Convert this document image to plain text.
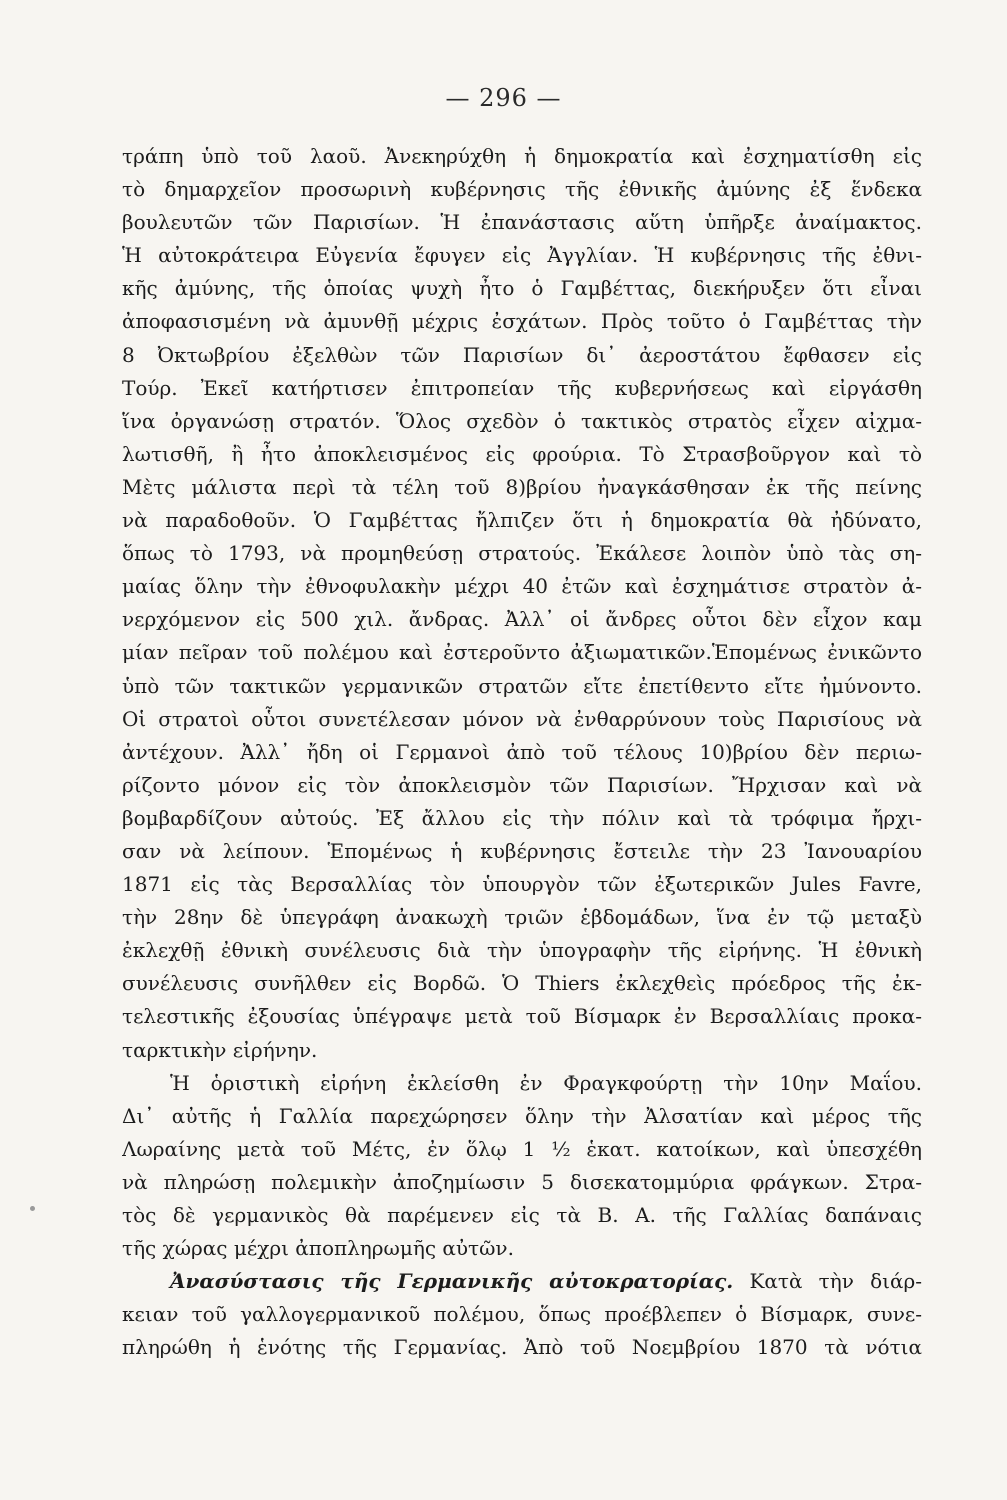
— 296 —
τράπη ὑπὸ τοῦ λαοῦ. Ἀνεκηρύχθη ἡ δημοκρατία καὶ ἐσχηματίσθη εἰς
τὸ δημαρχεῖον προσωρινὴ κυβέρνησις τῆς ἐθνικῆς ἀμύνης ἐξ ἕνδεκα
βουλευτῶν τῶν Παρισίων. Ἡ ἐπανάστασις αὕτη ὑπῆρξε ἀναίμακτος.
Ἡ αὐτοκράτειρα Εὐγενία ἔφυγεν εἰς Ἀγγλίαν. Ἡ κυβέρνησις τῆς ἐθνι-
κῆς ἀμύνης, τῆς ὁποίας ψυχὴ ἦτο ὁ Γαμβέττας, διεκήρυξεν ὅτι εἶναι
ἀποφασισμένη νὰ ἀμυνθῇ μέχρις ἐσχάτων. Πρὸς τοῦτο ὁ Γαμβέττας τὴν
8 Ὀκτωβρίου ἐξελθὼν τῶν Παρισίων δι᾽ ἀεροστάτου ἔφθασεν εἰς
Τούρ. Ἐκεῖ κατήρτισεν ἐπιτροπείαν τῆς κυβερνήσεως καὶ εἰργάσθη
ἵνα ὀργανώσῃ στρατόν. Ὅλος σχεδὸν ὁ τακτικὸς στρατὸς εἶχεν αἰχμα-
λωτισθῆ, ἢ ἦτο ἀποκλεισμένος εἰς φρούρια. Τὸ Στρασβοῦργον καὶ τὸ
Μὲτς μάλιστα περὶ τὰ τέλη τοῦ 8)βρίου ἠναγκάσθησαν ἐκ τῆς πείνης
νὰ παραδοθοῦν. Ὁ Γαμβέττας ἤλπιζεν ὅτι ἡ δημοκρατία θὰ ἠδύνατο,
ὅπως τὸ 1793, νὰ προμηθεύσῃ στρατούς. Ἐκάλεσε λοιπὸν ὑπὸ τὰς ση-
μαίας ὅλην τὴν ἐθνοφυλακὴν μέχρι 40 ἐτῶν καὶ ἐσχημάτισε στρατὸν ἀ-
νερχόμενον εἰς 500 χιλ. ἄνδρας. Ἀλλ᾽ οἱ ἄνδρες οὗτοι δὲν εἶχον καμ
μίαν πεῖραν τοῦ πολέμου καὶ ἐστεροῦντο ἀξιωματικῶν.Ἑπομένως ἐνικῶντο
ὑπὸ τῶν τακτικῶν γερμανικῶν στρατῶν εἴτε ἐπετίθεντο εἴτε ἠμύνοντο.
Οἱ στρατοὶ οὗτοι συνετέλεσαν μόνον νὰ ἐνθαρρύνουν τοὺς Παρισίους νὰ
ἀντέχουν. Ἀλλ᾽ ἤδη οἱ Γερμανοὶ ἀπὸ τοῦ τέλους 10)βρίου δὲν περιω-
ρίζοντο μόνον εἰς τὸν ἀποκλεισμὸν τῶν Παρισίων. Ἤρχισαν καὶ νὰ
βομβαρδίζουν αὐτούς. Ἐξ ἄλλου εἰς τὴν πόλιν καὶ τὰ τρόφιμα ἤρχι-
σαν νὰ λείπουν. Ἑπομένως ἡ κυβέρνησις ἔστειλε τὴν 23 Ἰανουαρίου
1871 εἰς τὰς Βερσαλλίας τὸν ὑπουργὸν τῶν ἐξωτερικῶν Jules Favre,
τὴν 28ην δὲ ὑπεγράφη ἀνακωχὴ τριῶν ἑβδομάδων, ἵνα ἐν τῷ μεταξὺ
ἐκλεχθῇ ἐθνικὴ συνέλευσις διὰ τὴν ὑπογραφὴν τῆς εἰρήνης. Ἡ ἐθνικὴ
συνέλευσις συνῆλθεν εἰς Βορδῶ. Ὁ Thiers ἐκλεχθεὶς πρόεδρος τῆς ἐκ-
τελεστικῆς ἐξουσίας ὑπέγραψε μετὰ τοῦ Βίσμαρκ ἐν Βερσαλλίαις προκα-
ταρκτικὴν εἰρήνην.
Ἡ ὁριστικὴ εἰρήνη ἐκλείσθη ἐν Φραγκφούρτῃ τὴν 10ην Μαΐου.
Δι᾽ αὐτῆς ἡ Γαλλία παρεχώρησεν ὅλην τὴν Ἀλσατίαν καὶ μέρος τῆς
Λωραίνης μετὰ τοῦ Μέτς, ἐν ὅλῳ 1 ½ ἑκατ. κατοίκων, καὶ ὑπεσχέθη
νὰ πληρώσῃ πολεμικὴν ἀποζημίωσιν 5 δισεκατομμύρια φράγκων. Στρα-
τὸς δὲ γερμανικὸς θὰ παρέμενεν εἰς τὰ Β. Α. τῆς Γαλλίας δαπάναις
τῆς χώρας μέχρι ἀποπληρωμῆς αὐτῶν.
Ἀνασύστασις τῆς Γερμανικῆς αὐτοκρατορίας. Κατὰ τὴν διάρ-
κειαν τοῦ γαλλογερμανικοῦ πολέμου, ὅπως προέβλεπεν ὁ Βίσμαρκ, συνε-
πληρώθη ἡ ἑνότης τῆς Γερμανίας. Ἀπὸ τοῦ Νοεμβρίου 1870 τὰ νότια
